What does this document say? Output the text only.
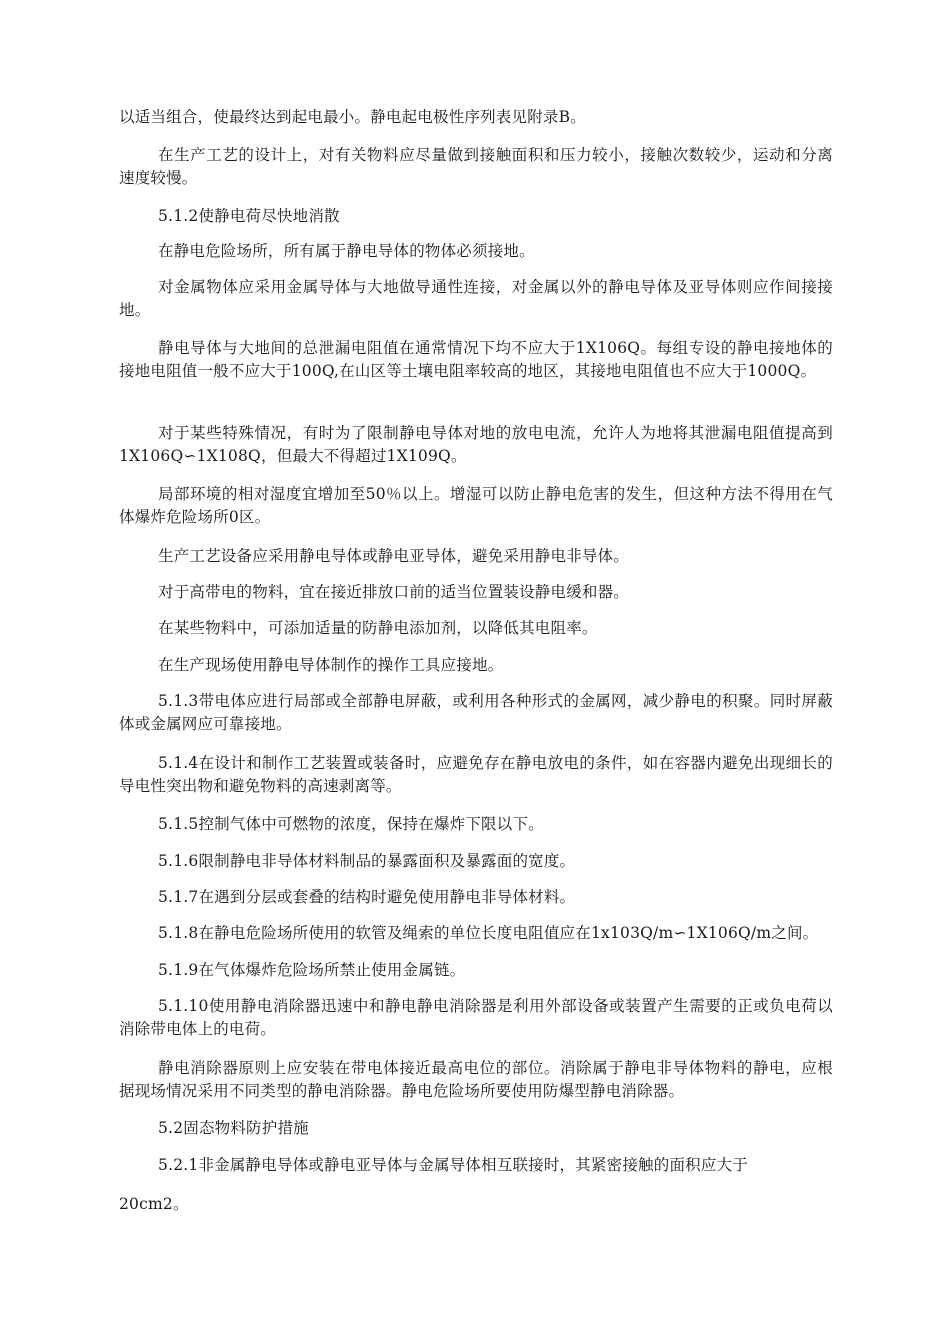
以适当组合，使最终达到起电最小。静电起电极性序列表见附录B。

在生产工艺的设计上，对有关物料应尽量做到接触面积和压力较小，接触次数较少，运动和分离速度较慢。

5.1.2使静电荷尽快地消散

在静电危险场所，所有属于静电导体的物体必须接地。

对金属物体应采用金属导体与大地做导通性连接，对金属以外的静电导体及亚导体则应作间接接地。

静电导体与大地间的总泄漏电阻值在通常情况下均不应大于1X106Q。每组专设的静电接地体的接地电阻值一般不应大于100Q,在山区等土壤电阻率较高的地区，其接地电阻值也不应大于1000Q。

对于某些特殊情况，有时为了限制静电导体对地的放电电流，允许人为地将其泄漏电阻值提高到1X106Q∽1X108Q，但最大不得超过1X109Q。

局部环境的相对湿度宜增加至50％以上。增湿可以防止静电危害的发生，但这种方法不得用在气体爆炸危险场所0区。

生产工艺设备应采用静电导体或静电亚导体，避免采用静电非导体。

对于高带电的物料，宜在接近排放口前的适当位置装设静电缓和器。

在某些物料中，可添加适量的防静电添加剂，以降低其电阻率。

在生产现场使用静电导体制作的操作工具应接地。

5.1.3带电体应进行局部或全部静电屏蔽，或利用各种形式的金属网，减少静电的积聚。同时屏蔽体或金属网应可靠接地。

5.1.4在设计和制作工艺装置或装备时，应避免存在静电放电的条件，如在容器内避免出现细长的导电性突出物和避免物料的高速剥离等。

5.1.5控制气体中可燃物的浓度，保持在爆炸下限以下。

5.1.6限制静电非导体材料制品的暴露面积及暴露面的宽度。

5.1.7在遇到分层或套叠的结构时避免使用静电非导体材料。

5.1.8在静电危险场所使用的软管及绳索的单位长度电阻值应在1x103Q/m∽1X106Q/m之间。

5.1.9在气体爆炸危险场所禁止使用金属链。

5.1.10使用静电消除器迅速中和静电静电消除器是利用外部设备或装置产生需要的正或负电荷以消除带电体上的电荷。

静电消除器原则上应安装在带电体接近最高电位的部位。消除属于静电非导体物料的静电，应根据现场情况采用不同类型的静电消除器。静电危险场所要使用防爆型静电消除器。

5.2固态物料防护措施

5.2.1非金属静电导体或静电亚导体与金属导体相互联接时，其紧密接触的面积应大于

20cm2。
